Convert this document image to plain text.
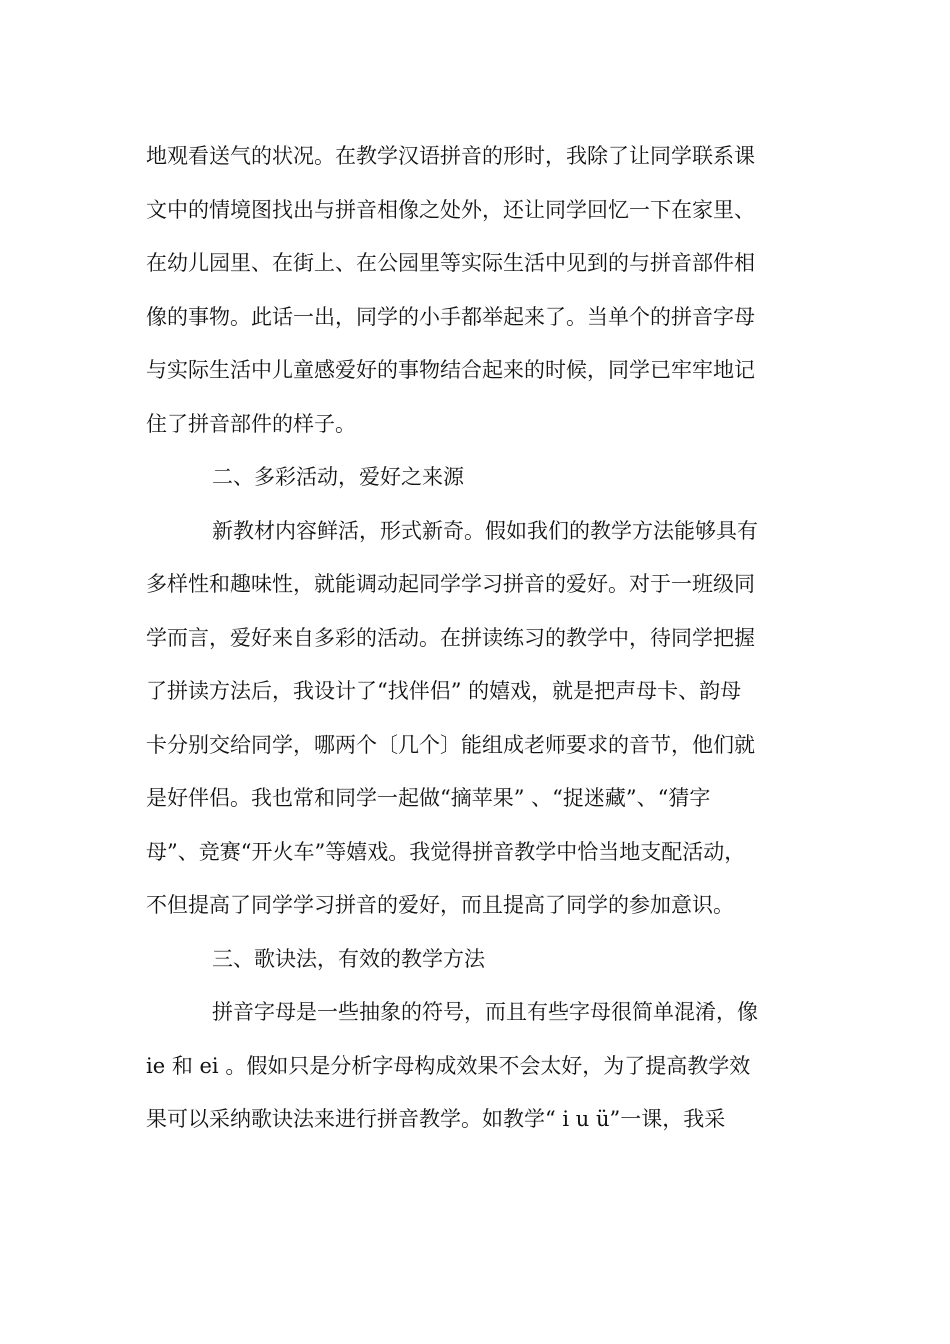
地观看送气的状况。在教学汉语拼音的形时，我除了让同学联系课

文中的情境图找出与拼音相像之处外，还让同学回忆一下在家里、

在幼儿园里、在街上、在公园里等实际生活中见到的与拼音部件相

像的事物。此话一出，同学的小手都举起来了。当单个的拼音字母

与实际生活中儿童感爱好的事物结合起来的时候，同学已牢牢地记

住了拼音部件的样子。

二、多彩活动，爱好之来源

新教材内容鲜活，形式新奇。假如我们的教学方法能够具有

多样性和趣味性，就能调动起同学学习拼音的爱好。对于一班级同

学而言，爱好来自多彩的活动。在拼读练习的教学中，待同学把握

了拼读方法后，我设计了“找伴侣” 的嬉戏，就是把声母卡、韵母

卡分别交给同学，哪两个〔几个〕能组成老师要求的音节，他们就

是好伴侣。我也常和同学一起做“摘苹果” 、“捉迷藏”、“猜字

母”、竞赛“开火车”等嬉戏。我觉得拼音教学中恰当地支配活动，

不但提高了同学学习拼音的爱好，而且提高了同学的参加意识。

三、歌诀法，有效的教学方法

拼音字母是一些抽象的符号，而且有些字母很简单混淆，像

ie 和 ei 。假如只是分析字母构成效果不会太好，为了提高教学效

果可以采纳歌诀法来进行拼音教学。如教学“ i u ü”一课，我采
